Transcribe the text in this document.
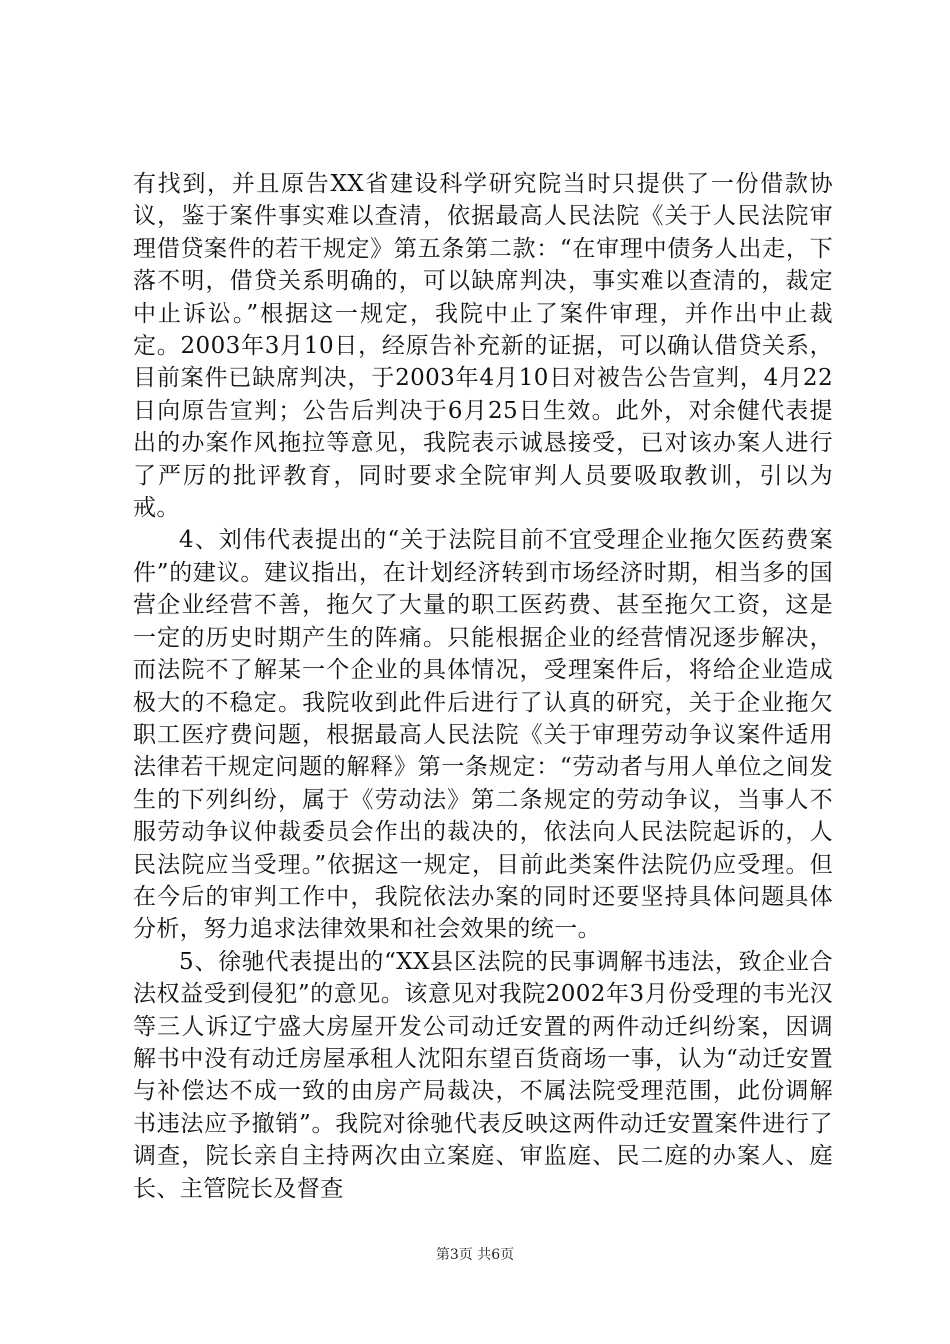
有找到，并且原告XX省建设科学研究院当时只提供了一份借款协议，鉴于案件事实难以查清，依据最高人民法院《关于人民法院审理借贷案件的若干规定》第五条第二款：“在审理中债务人出走，下落不明，借贷关系明确的，可以缺席判决，事实难以查清的，裁定中止诉讼。”根据这一规定，我院中止了案件审理，并作出中止裁定。2003年3月10日，经原告补充新的证据，可以确认借贷关系，目前案件已缺席判决，于2003年4月10日对被告公告宣判，4月22日向原告宣判；公告后判决于6月25日生效。此外，对余健代表提出的办案作风拖拉等意见，我院表示诚恳接受，已对该办案人进行了严厉的批评教育，同时要求全院审判人员要吸取教训，引以为戒。

4、刘伟代表提出的“关于法院目前不宜受理企业拖欠医药费案件”的建议。建议指出，在计划经济转到市场经济时期，相当多的国营企业经营不善，拖欠了大量的职工医药费、甚至拖欠工资，这是一定的历史时期产生的阵痛。只能根据企业的经营情况逐步解决，而法院不了解某一个企业的具体情况，受理案件后，将给企业造成极大的不稳定。我院收到此件后进行了认真的研究，关于企业拖欠职工医疗费问题，根据最高人民法院《关于审理劳动争议案件适用法律若干规定问题的解释》第一条规定：“劳动者与用人单位之间发生的下列纠纷，属于《劳动法》第二条规定的劳动争议，当事人不服劳动争议仲裁委员会作出的裁决的，依法向人民法院起诉的，人民法院应当受理。”依据这一规定，目前此类案件法院仍应受理。但在今后的审判工作中，我院依法办案的同时还要坚持具体问题具体分析，努力追求法律效果和社会效果的统一。

5、徐驰代表提出的“XX县区法院的民事调解书违法，致企业合法权益受到侵犯”的意见。该意见对我院2002年3月份受理的韦光汉等三人诉辽宁盛大房屋开发公司动迁安置的两件动迁纠纷案，因调解书中没有动迁房屋承租人沈阳东望百货商场一事，认为“动迁安置与补偿达不成一致的由房产局裁决，不属法院受理范围，此份调解书违法应予撤销”。我院对徐驰代表反映这两件动迁安置案件进行了调查，院长亲自主持两次由立案庭、审监庭、民二庭的办案人、庭长、主管院长及督查

第3页 共6页
